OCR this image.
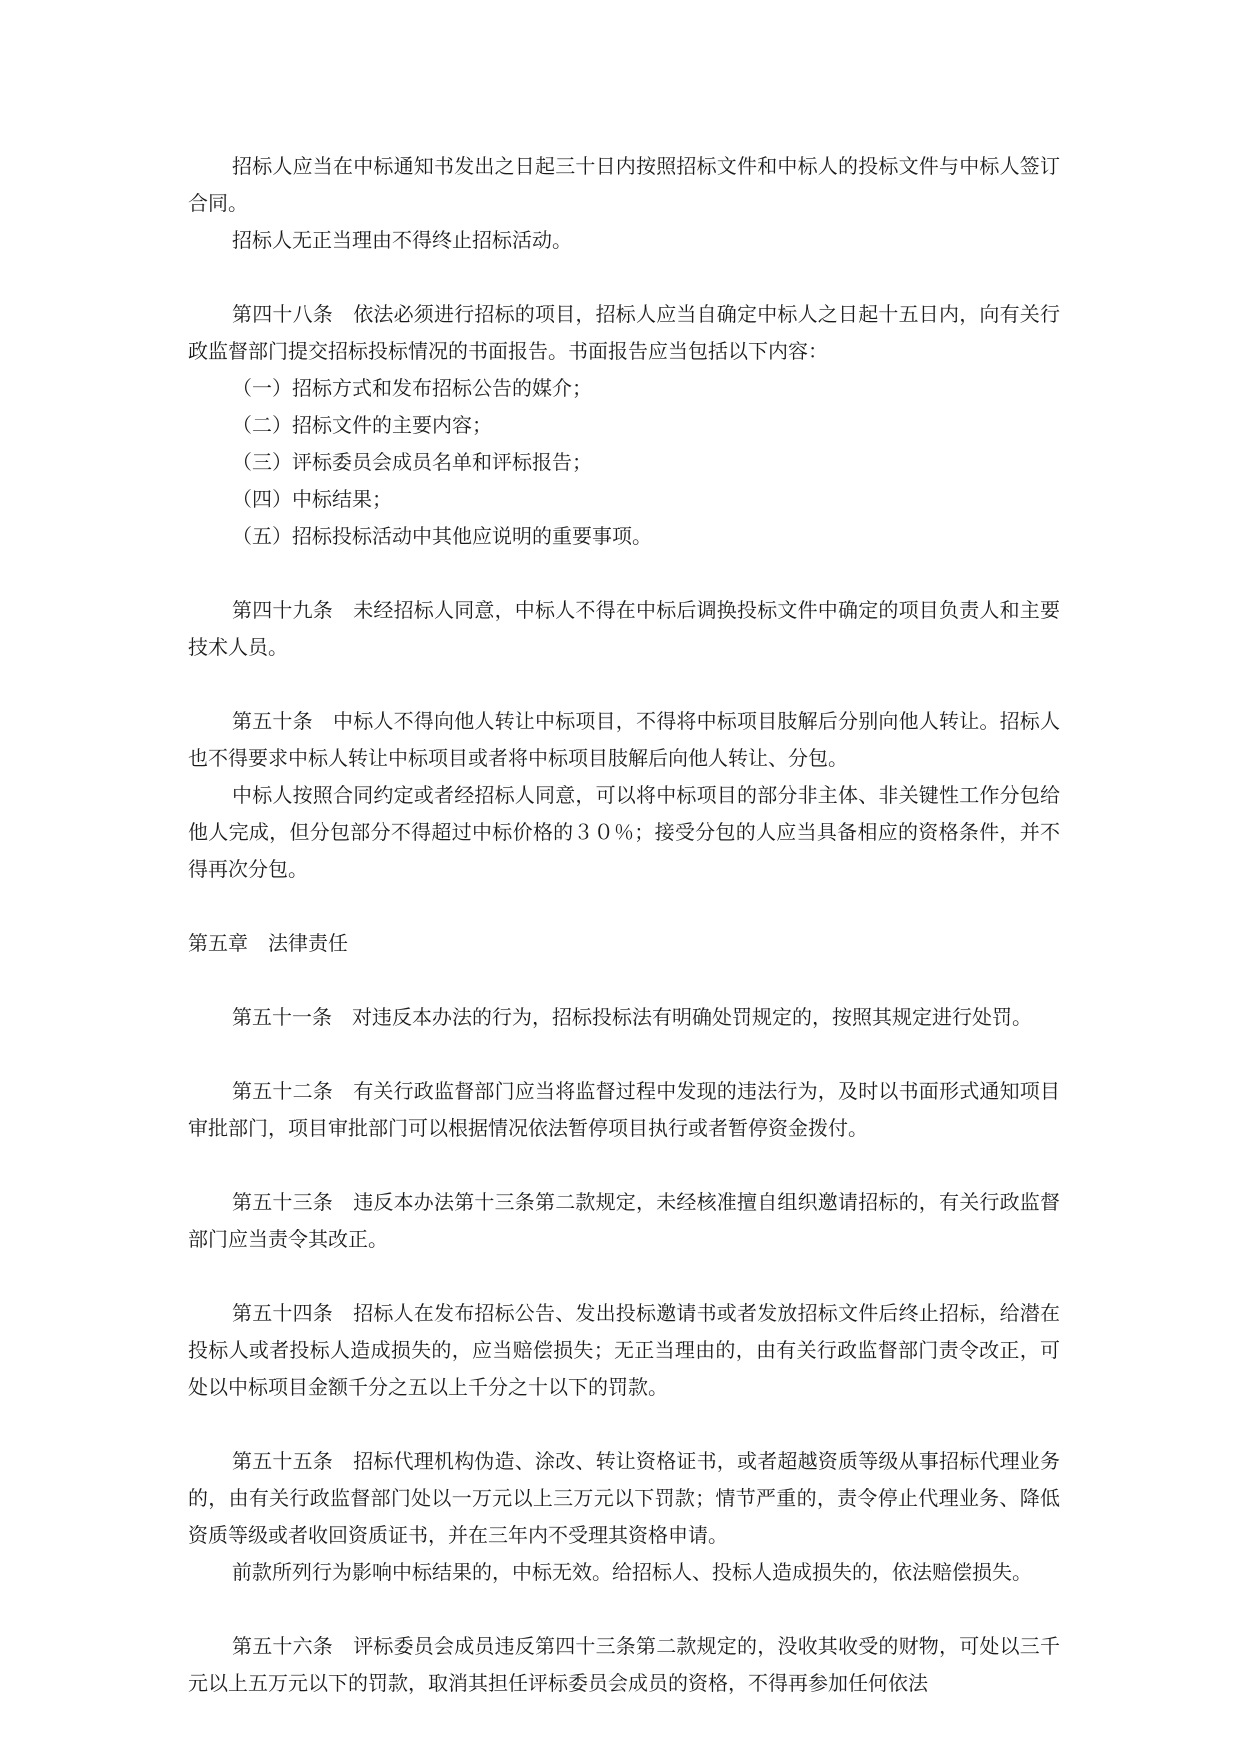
招标人应当在中标通知书发出之日起三十日内按照招标文件和中标人的投标文件与中标人签订合同。

招标人无正当理由不得终止招标活动。

第四十八条　依法必须进行招标的项目，招标人应当自确定中标人之日起十五日内，向有关行政监督部门提交招标投标情况的书面报告。书面报告应当包括以下内容：

（一）招标方式和发布招标公告的媒介；

（二）招标文件的主要内容；

（三）评标委员会成员名单和评标报告；

（四）中标结果；

（五）招标投标活动中其他应说明的重要事项。

第四十九条　未经招标人同意，中标人不得在中标后调换投标文件中确定的项目负责人和主要技术人员。

第五十条　中标人不得向他人转让中标项目，不得将中标项目肢解后分别向他人转让。招标人也不得要求中标人转让中标项目或者将中标项目肢解后向他人转让、分包。

中标人按照合同约定或者经招标人同意，可以将中标项目的部分非主体、非关键性工作分包给他人完成，但分包部分不得超过中标价格的３０％；接受分包的人应当具备相应的资格条件，并不得再次分包。

第五章　法律责任

第五十一条　对违反本办法的行为，招标投标法有明确处罚规定的，按照其规定进行处罚。

第五十二条　有关行政监督部门应当将监督过程中发现的违法行为，及时以书面形式通知项目审批部门，项目审批部门可以根据情况依法暂停项目执行或者暂停资金拨付。

第五十三条　违反本办法第十三条第二款规定，未经核准擅自组织邀请招标的，有关行政监督部门应当责令其改正。

第五十四条　招标人在发布招标公告、发出投标邀请书或者发放招标文件后终止招标，给潜在投标人或者投标人造成损失的，应当赔偿损失；无正当理由的，由有关行政监督部门责令改正，可处以中标项目金额千分之五以上千分之十以下的罚款。

第五十五条　招标代理机构伪造、涂改、转让资格证书，或者超越资质等级从事招标代理业务的，由有关行政监督部门处以一万元以上三万元以下罚款；情节严重的，责令停止代理业务、降低资质等级或者收回资质证书，并在三年内不受理其资格申请。

前款所列行为影响中标结果的，中标无效。给招标人、投标人造成损失的，依法赔偿损失。

第五十六条　评标委员会成员违反第四十三条第二款规定的，没收其收受的财物，可处以三千元以上五万元以下的罚款，取消其担任评标委员会成员的资格，不得再参加任何依法
